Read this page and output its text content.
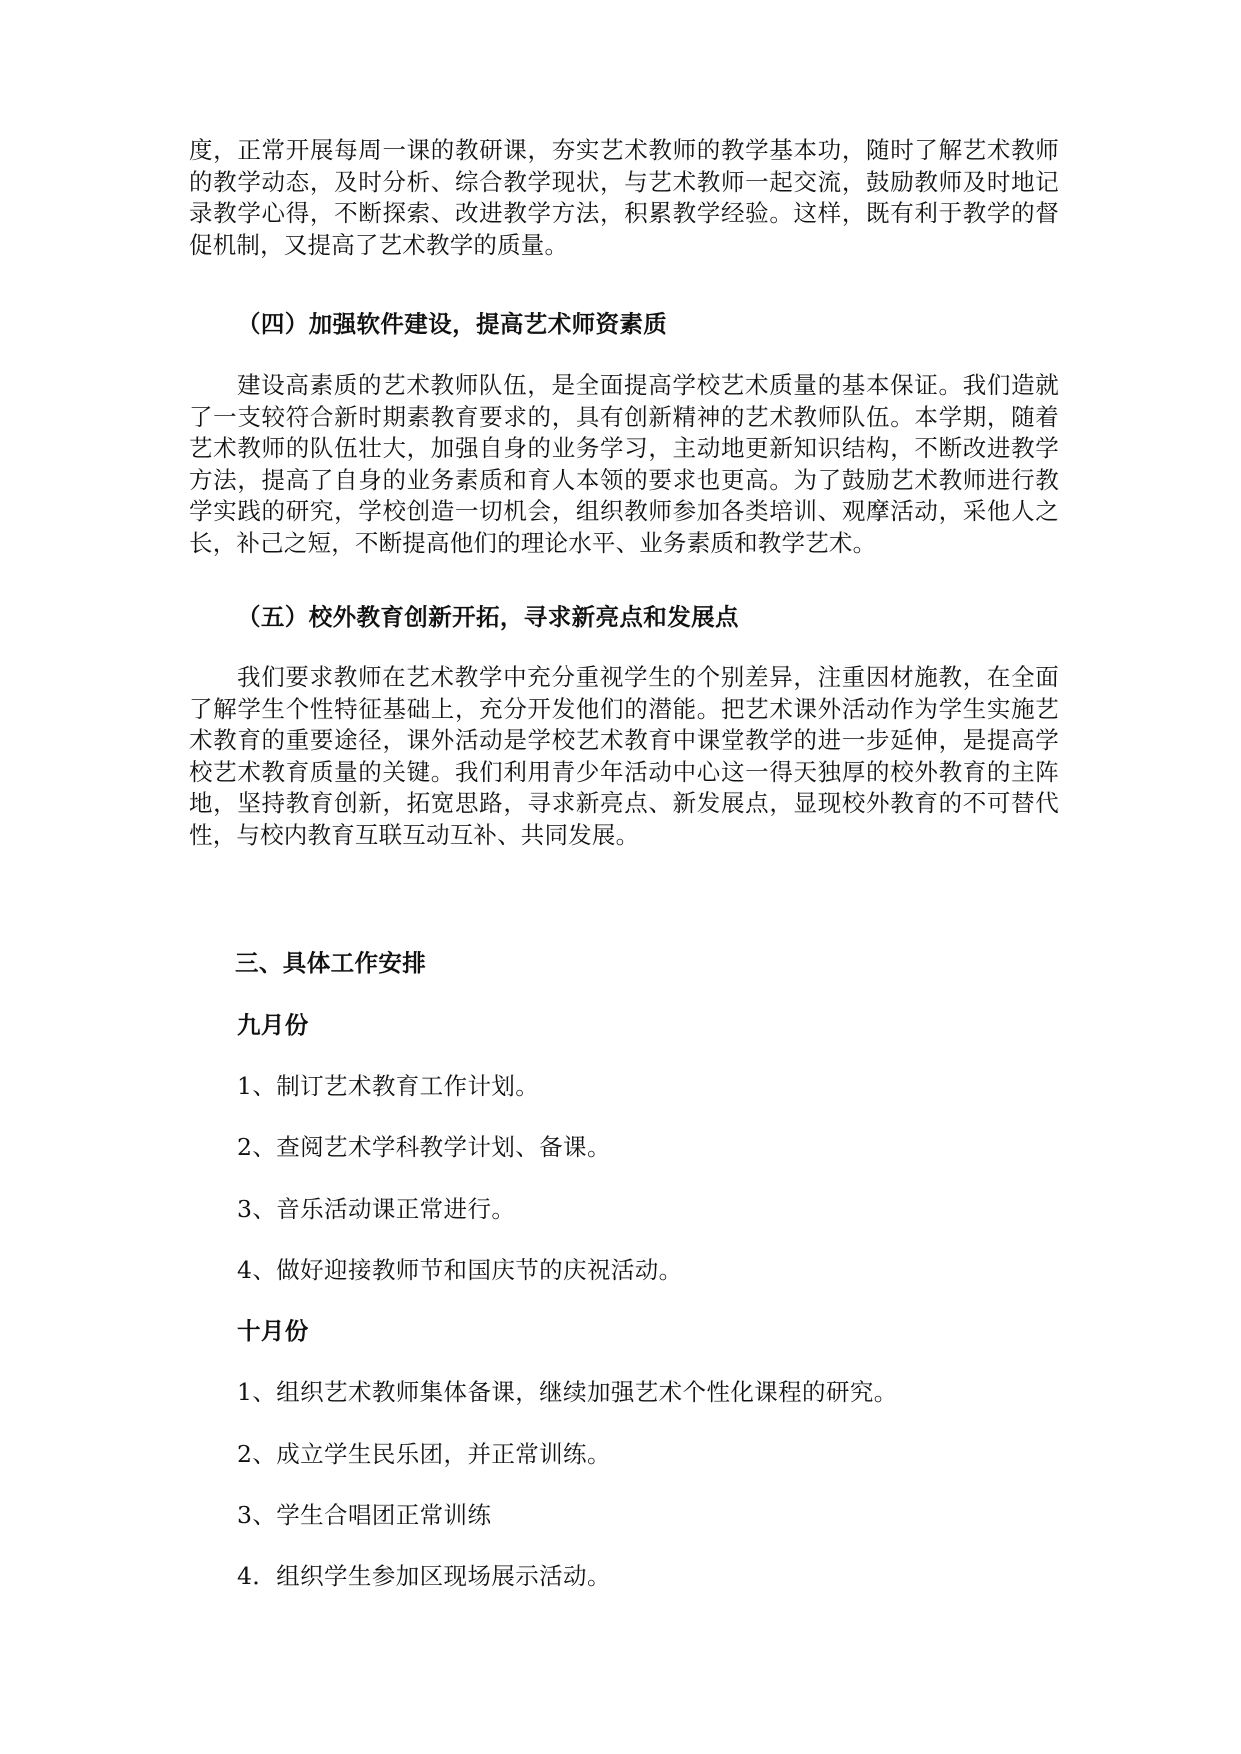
度，正常开展每周一课的教研课，夯实艺术教师的教学基本功，随时了解艺术教师的教学动态，及时分析、综合教学现状，与艺术教师一起交流，鼓励教师及时地记录教学心得，不断探索、改进教学方法，积累教学经验。这样，既有利于教学的督促机制，又提高了艺术教学的质量。

（四）加强软件建设，提高艺术师资素质

建设高素质的艺术教师队伍，是全面提高学校艺术质量的基本保证。我们造就了一支较符合新时期素教育要求的，具有创新精神的艺术教师队伍。本学期，随着艺术教师的队伍壮大，加强自身的业务学习，主动地更新知识结构，不断改进教学方法，提高了自身的业务素质和育人本领的要求也更高。为了鼓励艺术教师进行教学实践的研究，学校创造一切机会，组织教师参加各类培训、观摩活动，采他人之长，补己之短，不断提高他们的理论水平、业务素质和教学艺术。

（五）校外教育创新开拓，寻求新亮点和发展点

我们要求教师在艺术教学中充分重视学生的个别差异，注重因材施教，在全面了解学生个性特征基础上，充分开发他们的潜能。把艺术课外活动作为学生实施艺术教育的重要途径，课外活动是学校艺术教育中课堂教学的进一步延伸，是提高学校艺术教育质量的关键。我们利用青少年活动中心这一得天独厚的校外教育的主阵地，坚持教育创新，拓宽思路，寻求新亮点、新发展点，显现校外教育的不可替代性，与校内教育互联互动互补、共同发展。

三、具体工作安排

九月份

1、制订艺术教育工作计划。

2、查阅艺术学科教学计划、备课。

3、音乐活动课正常进行。

4、做好迎接教师节和国庆节的庆祝活动。

十月份

1、组织艺术教师集体备课，继续加强艺术个性化课程的研究。

2、成立学生民乐团，并正常训练。

3、学生合唱团正常训练

4．组织学生参加区现场展示活动。
